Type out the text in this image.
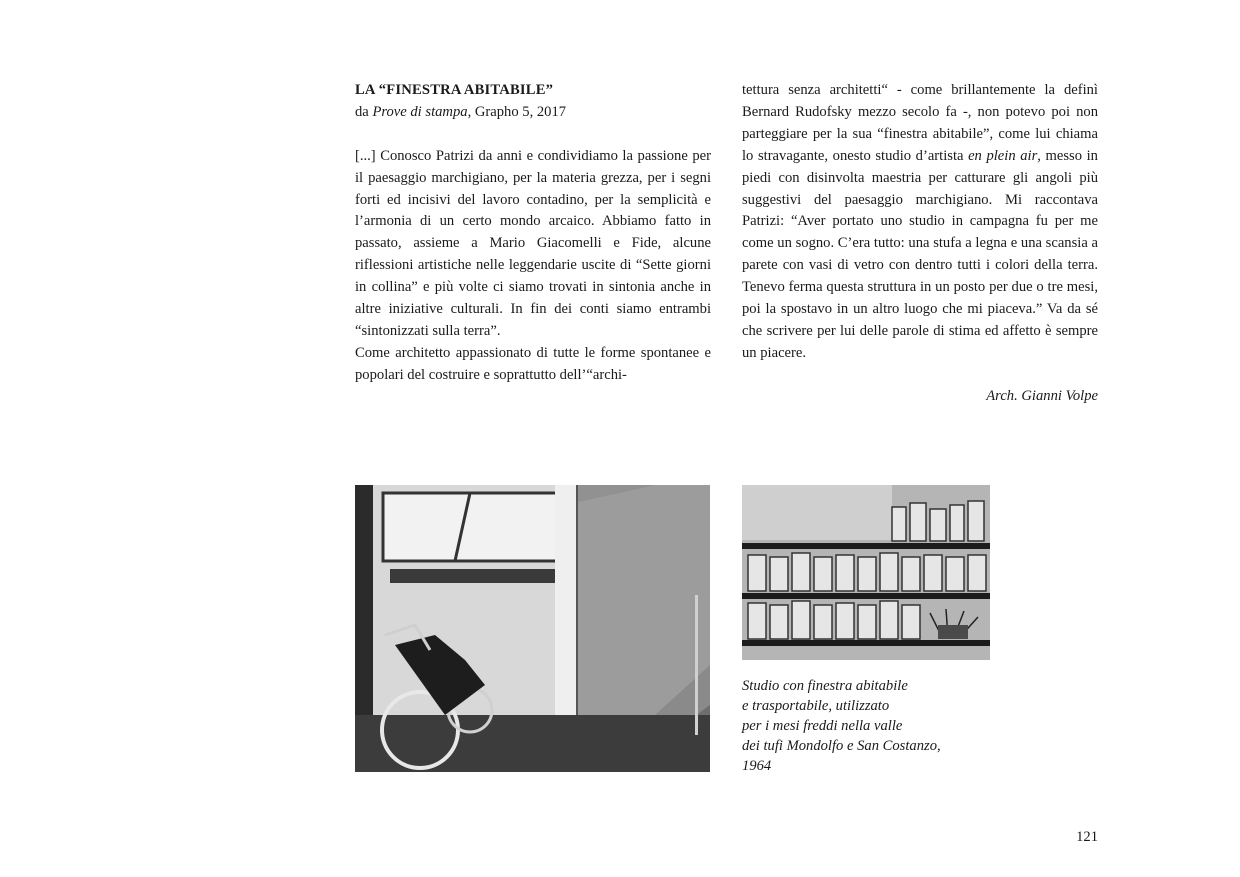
LA “FINESTRA ABITABILE”
da Prove di stampa, Grapho 5, 2017

[...] Conosco Patrizi da anni e condividiamo la passione per il paesaggio marchigiano, per la materia grezza, per i segni forti ed incisivi del lavoro contadino, per la semplicità e l’armonia di un certo mondo arcaico. Abbiamo fatto in passato, assieme a Mario Giacomelli e Fide, alcune riflessioni artistiche nelle leggendarie uscite di “Sette giorni in collina” e più volte ci siamo trovati in sintonia anche in altre iniziative culturali. In fin dei conti siamo entrambi “sintonizzati sulla terra”.

Come architetto appassionato di tutte le forme spontanee e popolari del costruire e soprattutto dell’“archi-

tettura senza architetti“ - come brillantemente la definì Bernard Rudofsky mezzo secolo fa -, non potevo poi non parteggiare per la sua “finestra abitabile”, come lui chiama lo stravagante, onesto studio d’artista en plein air, messo in piedi con disinvolta maestria per catturare gli angoli più suggestivi del paesaggio marchigiano. Mi raccontava Patrizi: “Aver portato uno studio in campagna fu per me come un sogno. C’era tutto: una stufa a legna e una scansia a parete con vasi di vetro con dentro tutti i colori della terra. Tenevo ferma questa struttura in un posto per due o tre mesi, poi la spostavo in un altro luogo che mi piaceva.” Va da sé che scrivere per lui delle parole di stima ed affetto è sempre un piacere.

Arch. Gianni Volpe
Studio con finestra abitabile
e trasportabile, utilizzato
per i mesi freddi nella valle
dei tufi Mondolfo e San Costanzo,
1964
121
